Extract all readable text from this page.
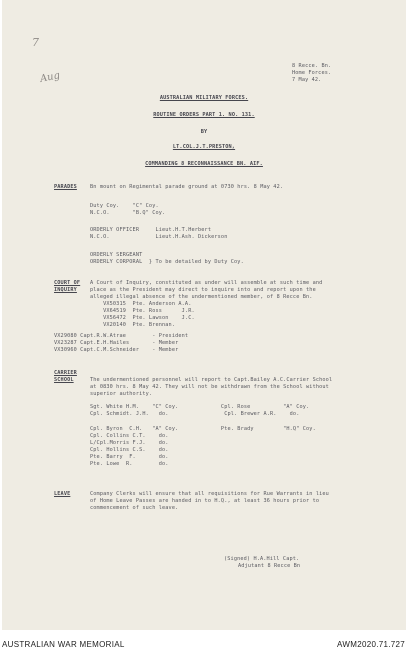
7
Aug
8 Recce. Bn.
Home Forces.
7 May 42.
AUSTRALIAN MILITARY FORCES.
ROUTINE ORDERS PART 1. NO. 131.
BY
LT.COL.J.T.PRESTON,
COMMANDING 8 RECONNAISSANCE BN. AIF.
PARADES	Bn mount on Regimental parade ground at 0730 hrs. 8 May 42.
Duty Coy.    "C" Coy.
N.C.O.       "B.Q" Coy.
ORDERLY OFFICER     Lieut.H.T.Herbert
N.C.O.              Lieut.H.Ash. Dickerson
ORDERLY SERGEANT
ORDERLY CORPORAL  } To be detailed by Duty Coy.
COURT OF
INQUIRY
A Court of Inquiry, constituted as under will assemble at such time and
place as the President may direct to inquire into and report upon the
alleged illegal absence of the undermentioned member, of 8 Recce Bn.
VX50315  Pte. Anderson A.A.
VX64519  Pte. Ross      J.R.
VX56472  Pte. Lawson    J.C.
VX20140  Pte. Brennan.
VX29080 Capt.R.W.Atrae        - President
VX23287 Capt.E.H.Hailes       - Member
VX30960 Capt.C.M.Schneider    - Member
CARRIER
SCHOOL	The undermentioned personnel will report to Capt.Bailey A.C.Carrier School
at 0830 hrs. 8 May 42. They will not be withdrawn from the School without
superior authority.
Sgt. White H.M.    "C" Coy.             Cpl. Rose          "A" Coy.
Cpl. Schmidt. J.H.   do.                 Cpl. Brewer A.R.    do.
Cpl. Byron  C.H.   "A" Coy.             Pte. Brady         "H.Q" Coy.
Cpl. Collins C.T.    do.
L/Cpl.Morris F.J.    do.
Cpl. Hollins C.S.    do.
Pte. Barry  F.       do.
Pte. Lowe  R.        do.
LEAVE	Company Clerks will ensure that all requisitions for Rue Warrants in lieu
of Home Leave Passes are handed in to H.Q., at least 36 hours prior to
commencement of such leave.
(Signed) H.A.Hill Capt.
Adjutant 8 Recce Bn
AUSTRALIAN WAR MEMORIAL	AWM2020.71.727
